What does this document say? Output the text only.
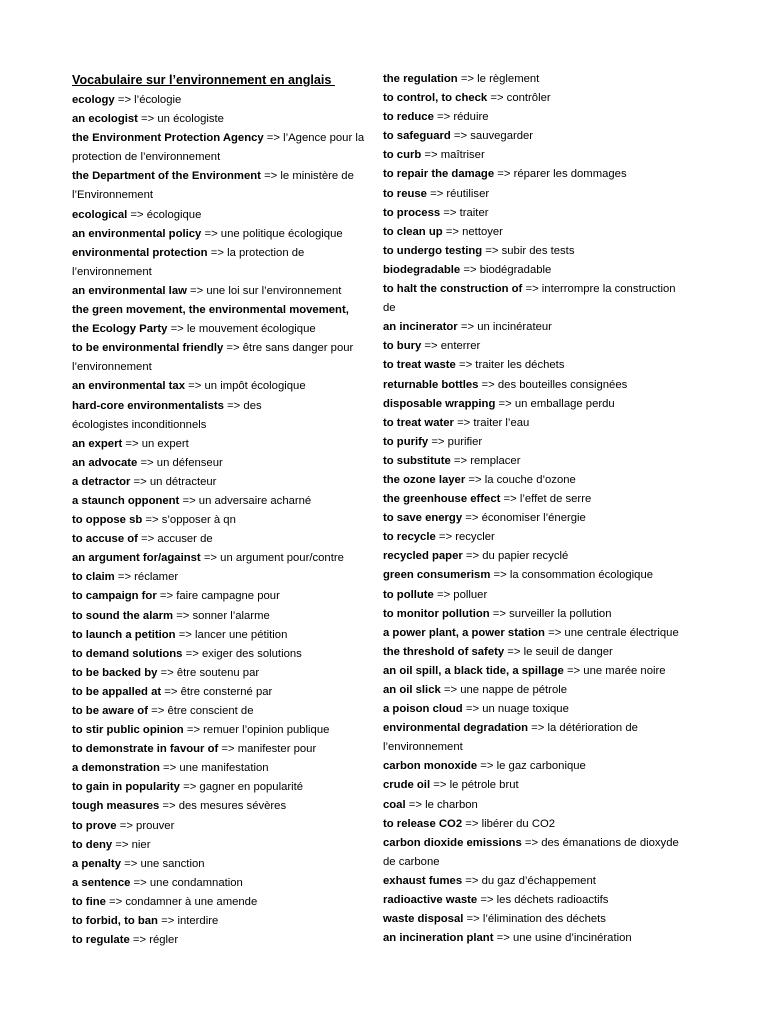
Vocabulaire sur l’environnement en anglais
ecology => l’écologie
an ecologist => un écologiste
the Environment Protection Agency => l’Agence pour la
protection de l’environnement
the Department of the Environment => le ministère de
l’Environnement
ecological => écologique
an environmental policy => une politique écologique
environmental protection => la protection de
l’environnement
an environmental law => une loi sur l’environnement
the green movement, the environmental movement,
the Ecology Party => le mouvement écologique
to be environmental friendly => être sans danger pour
l’environnement
an environmental tax => un impôt écologique
hard-core environmentalists => des
écologistes inconditionnels
an expert => un expert
an advocate => un défenseur
a detractor => un détracteur
a staunch opponent => un adversaire acharné
to oppose sb => s’opposer à qn
to accuse of => accuser de
an argument for/against => un argument pour/contre
to claim => réclamer
to campaign for => faire campagne pour
to sound the alarm => sonner l’alarme
to launch a petition => lancer une pétition
to demand solutions => exiger des solutions
to be backed by => être soutenu par
to be appalled at => être consterné par
to be aware of => être conscient de
to stir public opinion => remuer l’opinion publique
to demonstrate in favour of => manifester pour
a demonstration => une manifestation
to gain in popularity => gagner en popularité
tough measures => des mesures sévères
to prove => prouver
to deny => nier
a penalty => une sanction
a sentence => une condamnation
to fine => condamner à une amende
to forbid, to ban => interdire
to regulate => régler
the regulation => le règlement
to control, to check => contrôler
to reduce => réduire
to safeguard => sauvegarder
to curb => maîtriser
to repair the damage => réparer les dommages
to reuse => réutiliser
to process => traiter
to clean up => nettoyer
to undergo testing => subir des tests
biodegradable => biodégradable
to halt the construction of => interrompre la construction
de
an incinerator => un incinérateur
to bury => enterrer
to treat waste => traiter les déchets
returnable bottles => des bouteilles consignées
disposable wrapping => un emballage perdu
to treat water => traiter l’eau
to purify => purifier
to substitute => remplacer
the ozone layer => la couche d’ozone
the greenhouse effect => l’effet de serre
to save energy => économiser l’énergie
to recycle => recycler
recycled paper => du papier recyclé
green consumerism => la consommation écologique
to pollute => polluer
to monitor pollution => surveiller la pollution
a power plant, a power station => une centrale électrique
the threshold of safety => le seuil de danger
an oil spill, a black tide, a spillage => une marée noire
an oil slick => une nappe de pétrole
a poison cloud => un nuage toxique
environmental degradation => la détérioration de
l’environnement
carbon monoxide => le gaz carbonique
crude oil => le pétrole brut
coal => le charbon
to release CO2 => libérer du CO2
carbon dioxide emissions => des émanations de dioxyde
de carbone
exhaust fumes => du gaz d’échappement
radioactive waste => les déchets radioactifs
waste disposal => l’élimination des déchets
an incineration plant => une usine d’incinération
